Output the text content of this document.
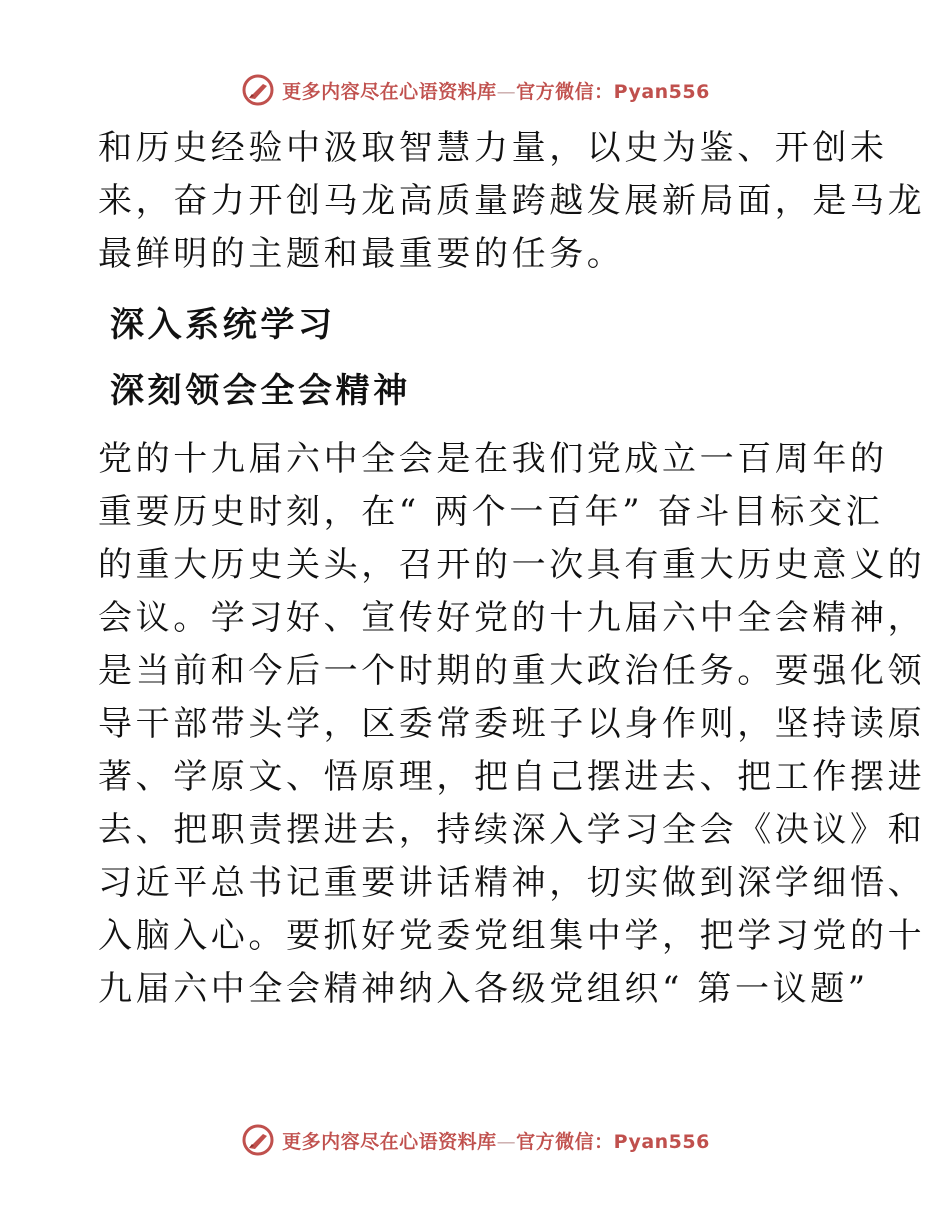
更多内容尽在心语资料库—官方微信：Pyan556

和历史经验中汲取智慧力量，以史为鉴、开创未
来，奋力开创马龙高质量跨越发展新局面，是马龙
最鲜明的主题和最重要的任务。

深入系统学习
深刻领会全会精神

党的十九届六中全会是在我们党成立一百周年的
重要历史时刻，在“ 两个一百年” 奋斗目标交汇
的重大历史关头，召开的一次具有重大历史意义的
会议。学习好、宣传好党的十九届六中全会精神，
是当前和今后一个时期的重大政治任务。要强化领
导干部带头学，区委常委班子以身作则，坚持读原
著、学原文、悟原理，把自己摆进去、把工作摆进
去、把职责摆进去，持续深入学习全会《决议》和
习近平总书记重要讲话精神，切实做到深学细悟、
入脑入心。要抓好党委党组集中学，把学习党的十
九届六中全会精神纳入各级党组织“ 第一议题”

更多内容尽在心语资料库—官方微信：Pyan556
